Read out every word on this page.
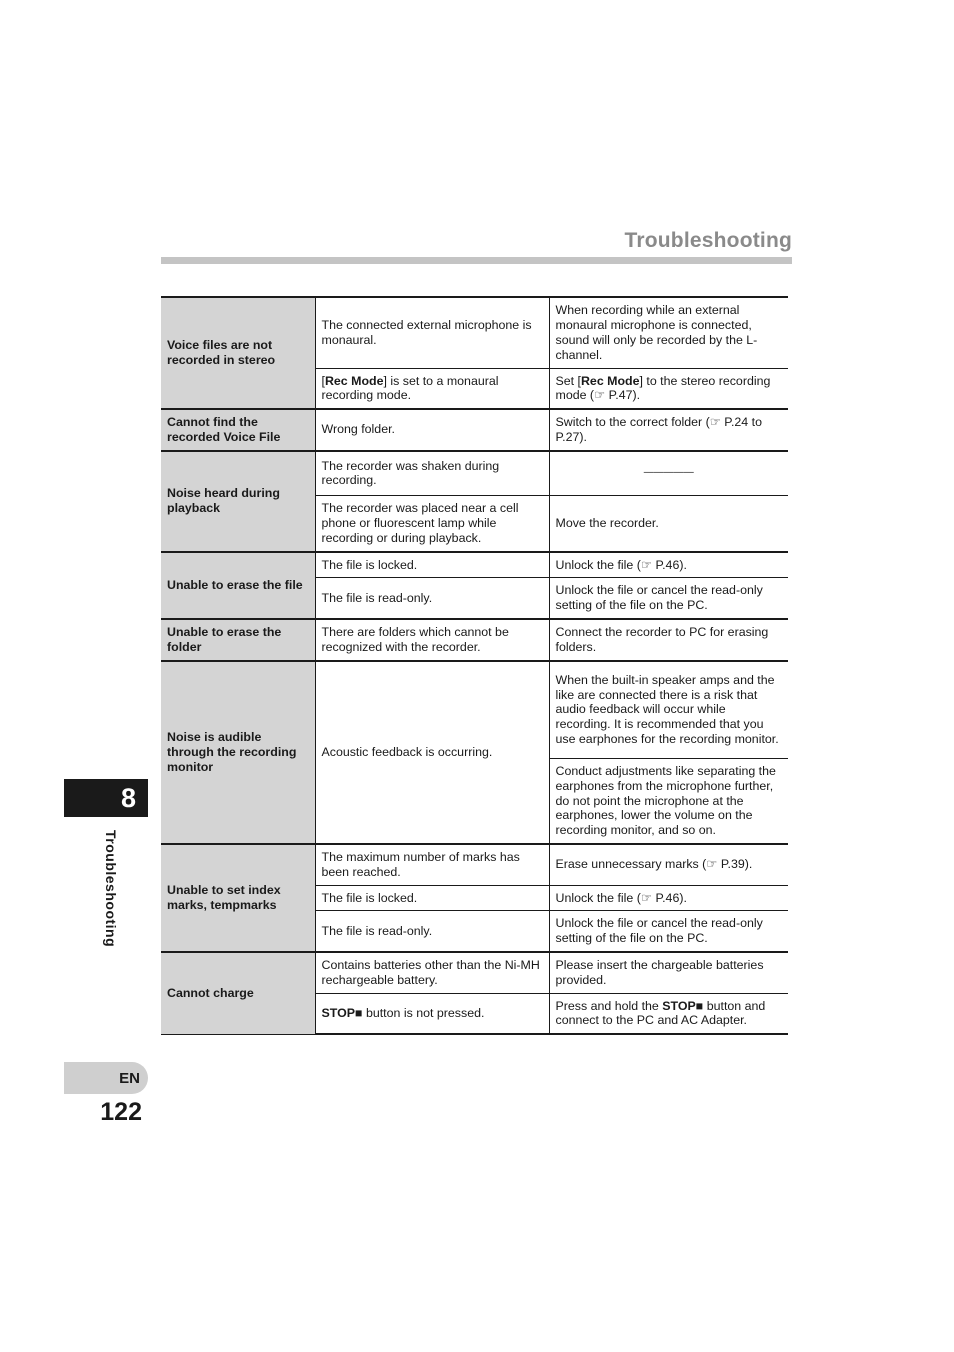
Troubleshooting
Voice files are not recorded in stereo	The connected external microphone is monaural.	When recording while an external monaural microphone is connected, sound will only be recorded by the L-channel.
	[Rec Mode] is set to a monaural recording mode.	Set [Rec Mode] to the stereo recording mode (☞ P.47).
Cannot find the recorded Voice File	Wrong folder.	Switch to the correct folder (☞ P.24 to P.27).
Noise heard during playback	The recorder was shaken during recording.	―――――
	The recorder was placed near a cell phone or fluorescent lamp while recording or during playback.	Move the recorder.
Unable to erase the file	The file is locked.	Unlock the file (☞ P.46).
	The file is read-only.	Unlock the file or cancel the read-only setting of the file on the PC.
Unable to erase the folder	There are folders which cannot be recognized with the recorder.	Connect the recorder to PC for erasing folders.
Noise is audible through the recording monitor	Acoustic feedback is occurring.	When the built-in speaker amps and the like are connected there is a risk that audio feedback will occur while recording. It is recommended that you use earphones for the recording monitor.
		Conduct adjustments like separating the earphones from the microphone further, do not point the microphone at the earphones, lower the volume on the recording monitor, and so on.
Unable to set index marks, tempmarks	The maximum number of marks has been reached.	Erase unnecessary marks (☞ P.39).
	The file is locked.	Unlock the file (☞ P.46).
	The file is read-only.	Unlock the file or cancel the read-only setting of the file on the PC.
Cannot charge	Contains batteries other than the Ni-MH rechargeable battery.	Please insert the chargeable batteries provided.
	STOP■ button is not pressed.	Press and hold the STOP■ button and connect to the PC and AC Adapter.
8
Troubleshooting
EN
122
